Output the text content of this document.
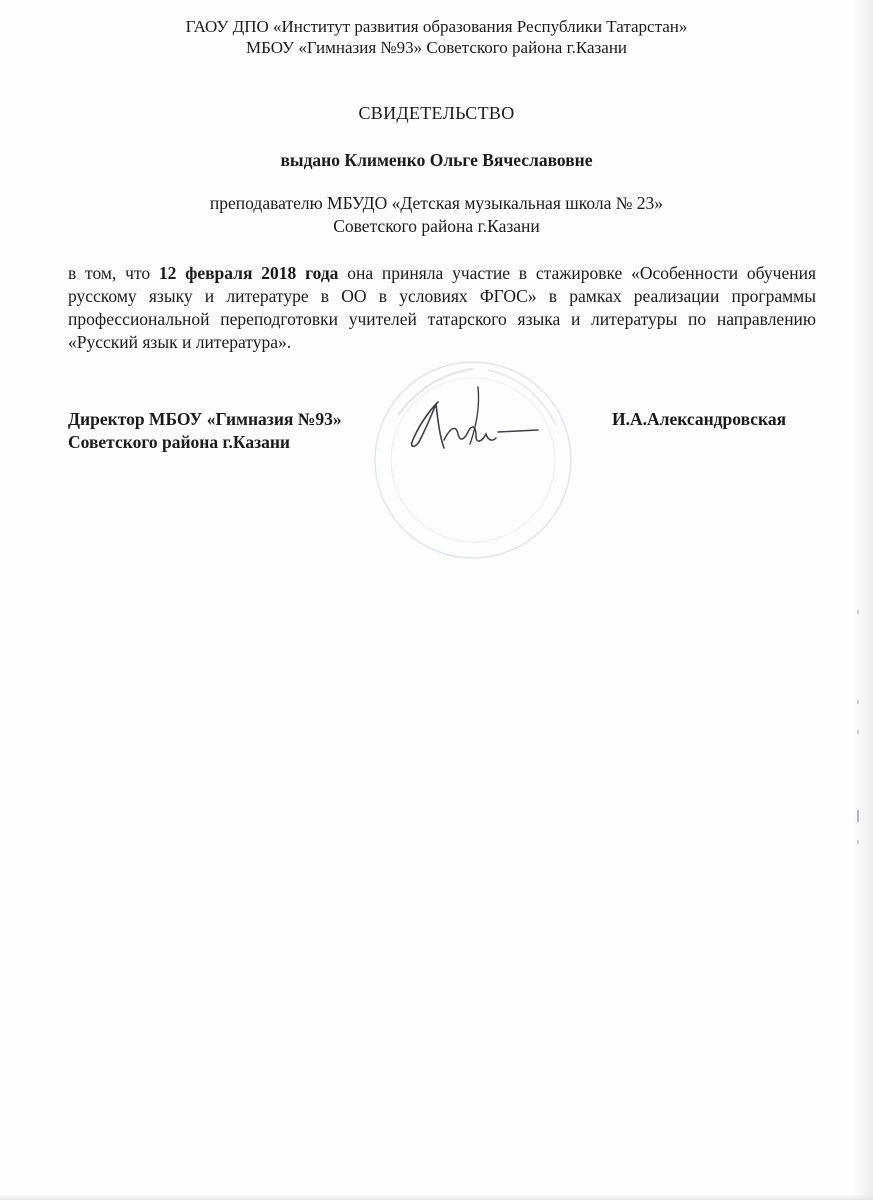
ГАОУ ДПО «Институт развития образования Республики Татарстан»
МБОУ «Гимназия №93» Советского района г.Казани
СВИДЕТЕЛЬСТВО
выдано Клименко Ольге Вячеславовне
преподавателю МБУДО «Детская музыкальная школа № 23»
Советского района г.Казани
в том, что 12 февраля 2018 года она приняла участие в стажировке «Особенности обучения русскому языку и литературе в ОО в условиях ФГОС» в рамках реализации программы профессиональной переподготовки учителей татарского языка и литературы по направлению «Русский язык и литература».
Директор МБОУ «Гимназия №93»
Советского района г.Казани
И.А.Александровская
